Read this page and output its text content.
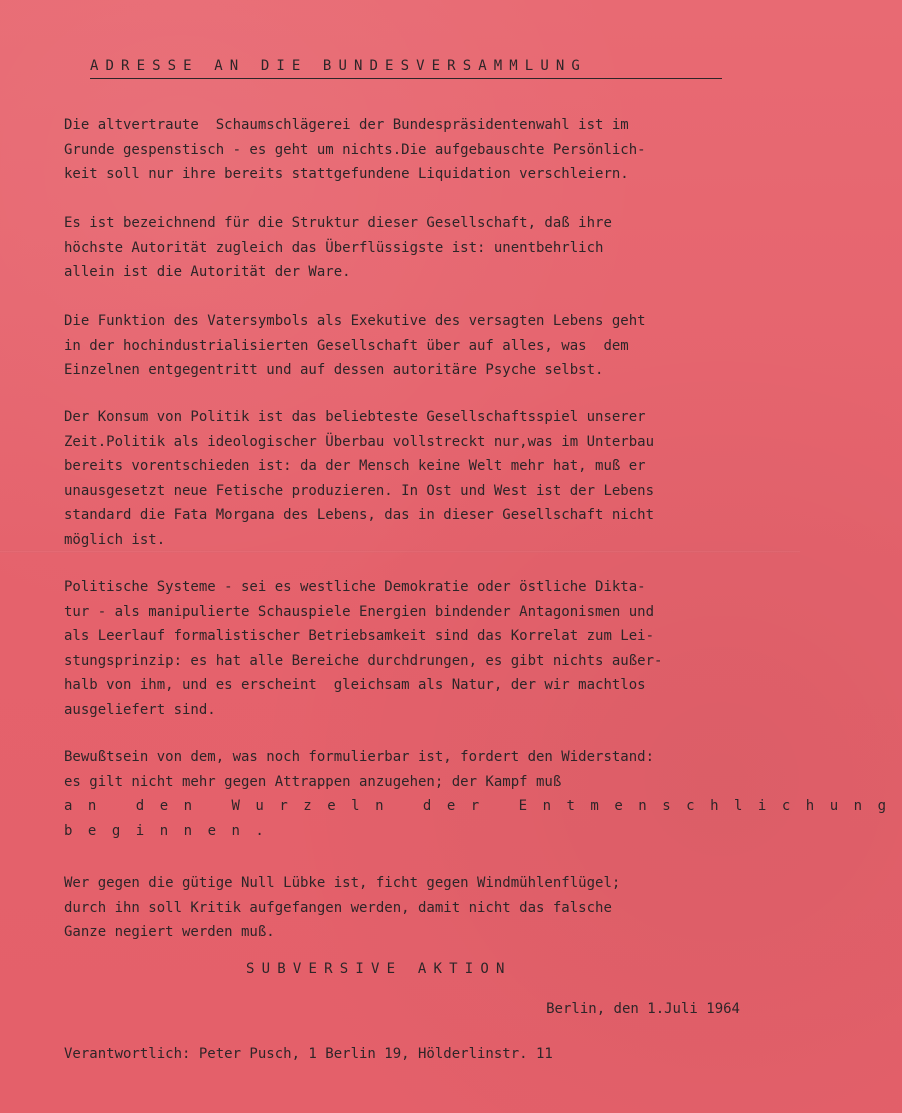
ADRESSE AN DIE BUNDESVERSAMMLUNG

Die altvertraute  Schaumschlägerei der Bundespräsidentenwahl ist im
Grunde gespenstisch - es geht um nichts.Die aufgebauschte Persönlich-
keit soll nur ihre bereits stattgefundene Liquidation verschleiern.

Es ist bezeichnend für die Struktur dieser Gesellschaft, daß ihre
höchste Autorität zugleich das Überflüssigste ist: unentbehrlich
allein ist die Autorität der Ware.

Die Funktion des Vatersymbols als Exekutive des versagten Lebens geht
in der hochindustrialisierten Gesellschaft über auf alles, was  dem
Einzelnen entgegentritt und auf dessen autoritäre Psyche selbst.

Der Konsum von Politik ist das beliebteste Gesellschaftsspiel unserer
Zeit.Politik als ideologischer Überbau vollstreckt nur,was im Unterbau
bereits vorentschieden ist: da der Mensch keine Welt mehr hat, muß er
unausgesetzt neue Fetische produzieren. In Ost und West ist der Lebens
standard die Fata Morgana des Lebens, das in dieser Gesellschaft nicht
möglich ist.

Politische Systeme - sei es westliche Demokratie oder östliche Dikta-
tur - als manipulierte Schauspiele Energien bindender Antagonismen und
als Leerlauf formalistischer Betriebsamkeit sind das Korrelat zum Lei-
stungsprinzip: es hat alle Bereiche durchdrungen, es gibt nichts außer-
halb von ihm, und es erscheint  gleichsam als Natur, der wir machtlos
ausgeliefert sind.

Bewußtsein von dem, was noch formulierbar ist, fordert den Widerstand:
es gilt nicht mehr gegen Attrappen anzugehen; der Kampf muß
an den Wurzeln der Entmenschlichung
beginnen.

Wer gegen die gütige Null Lübke ist, ficht gegen Windmühlenflügel;
durch ihn soll Kritik aufgefangen werden, damit nicht das falsche
Ganze negiert werden muß.

SUBVERSIVE AKTION
Berlin, den 1.Juli 1964
Verantwortlich: Peter Pusch, 1 Berlin 19, Hölderlinstr. 11
